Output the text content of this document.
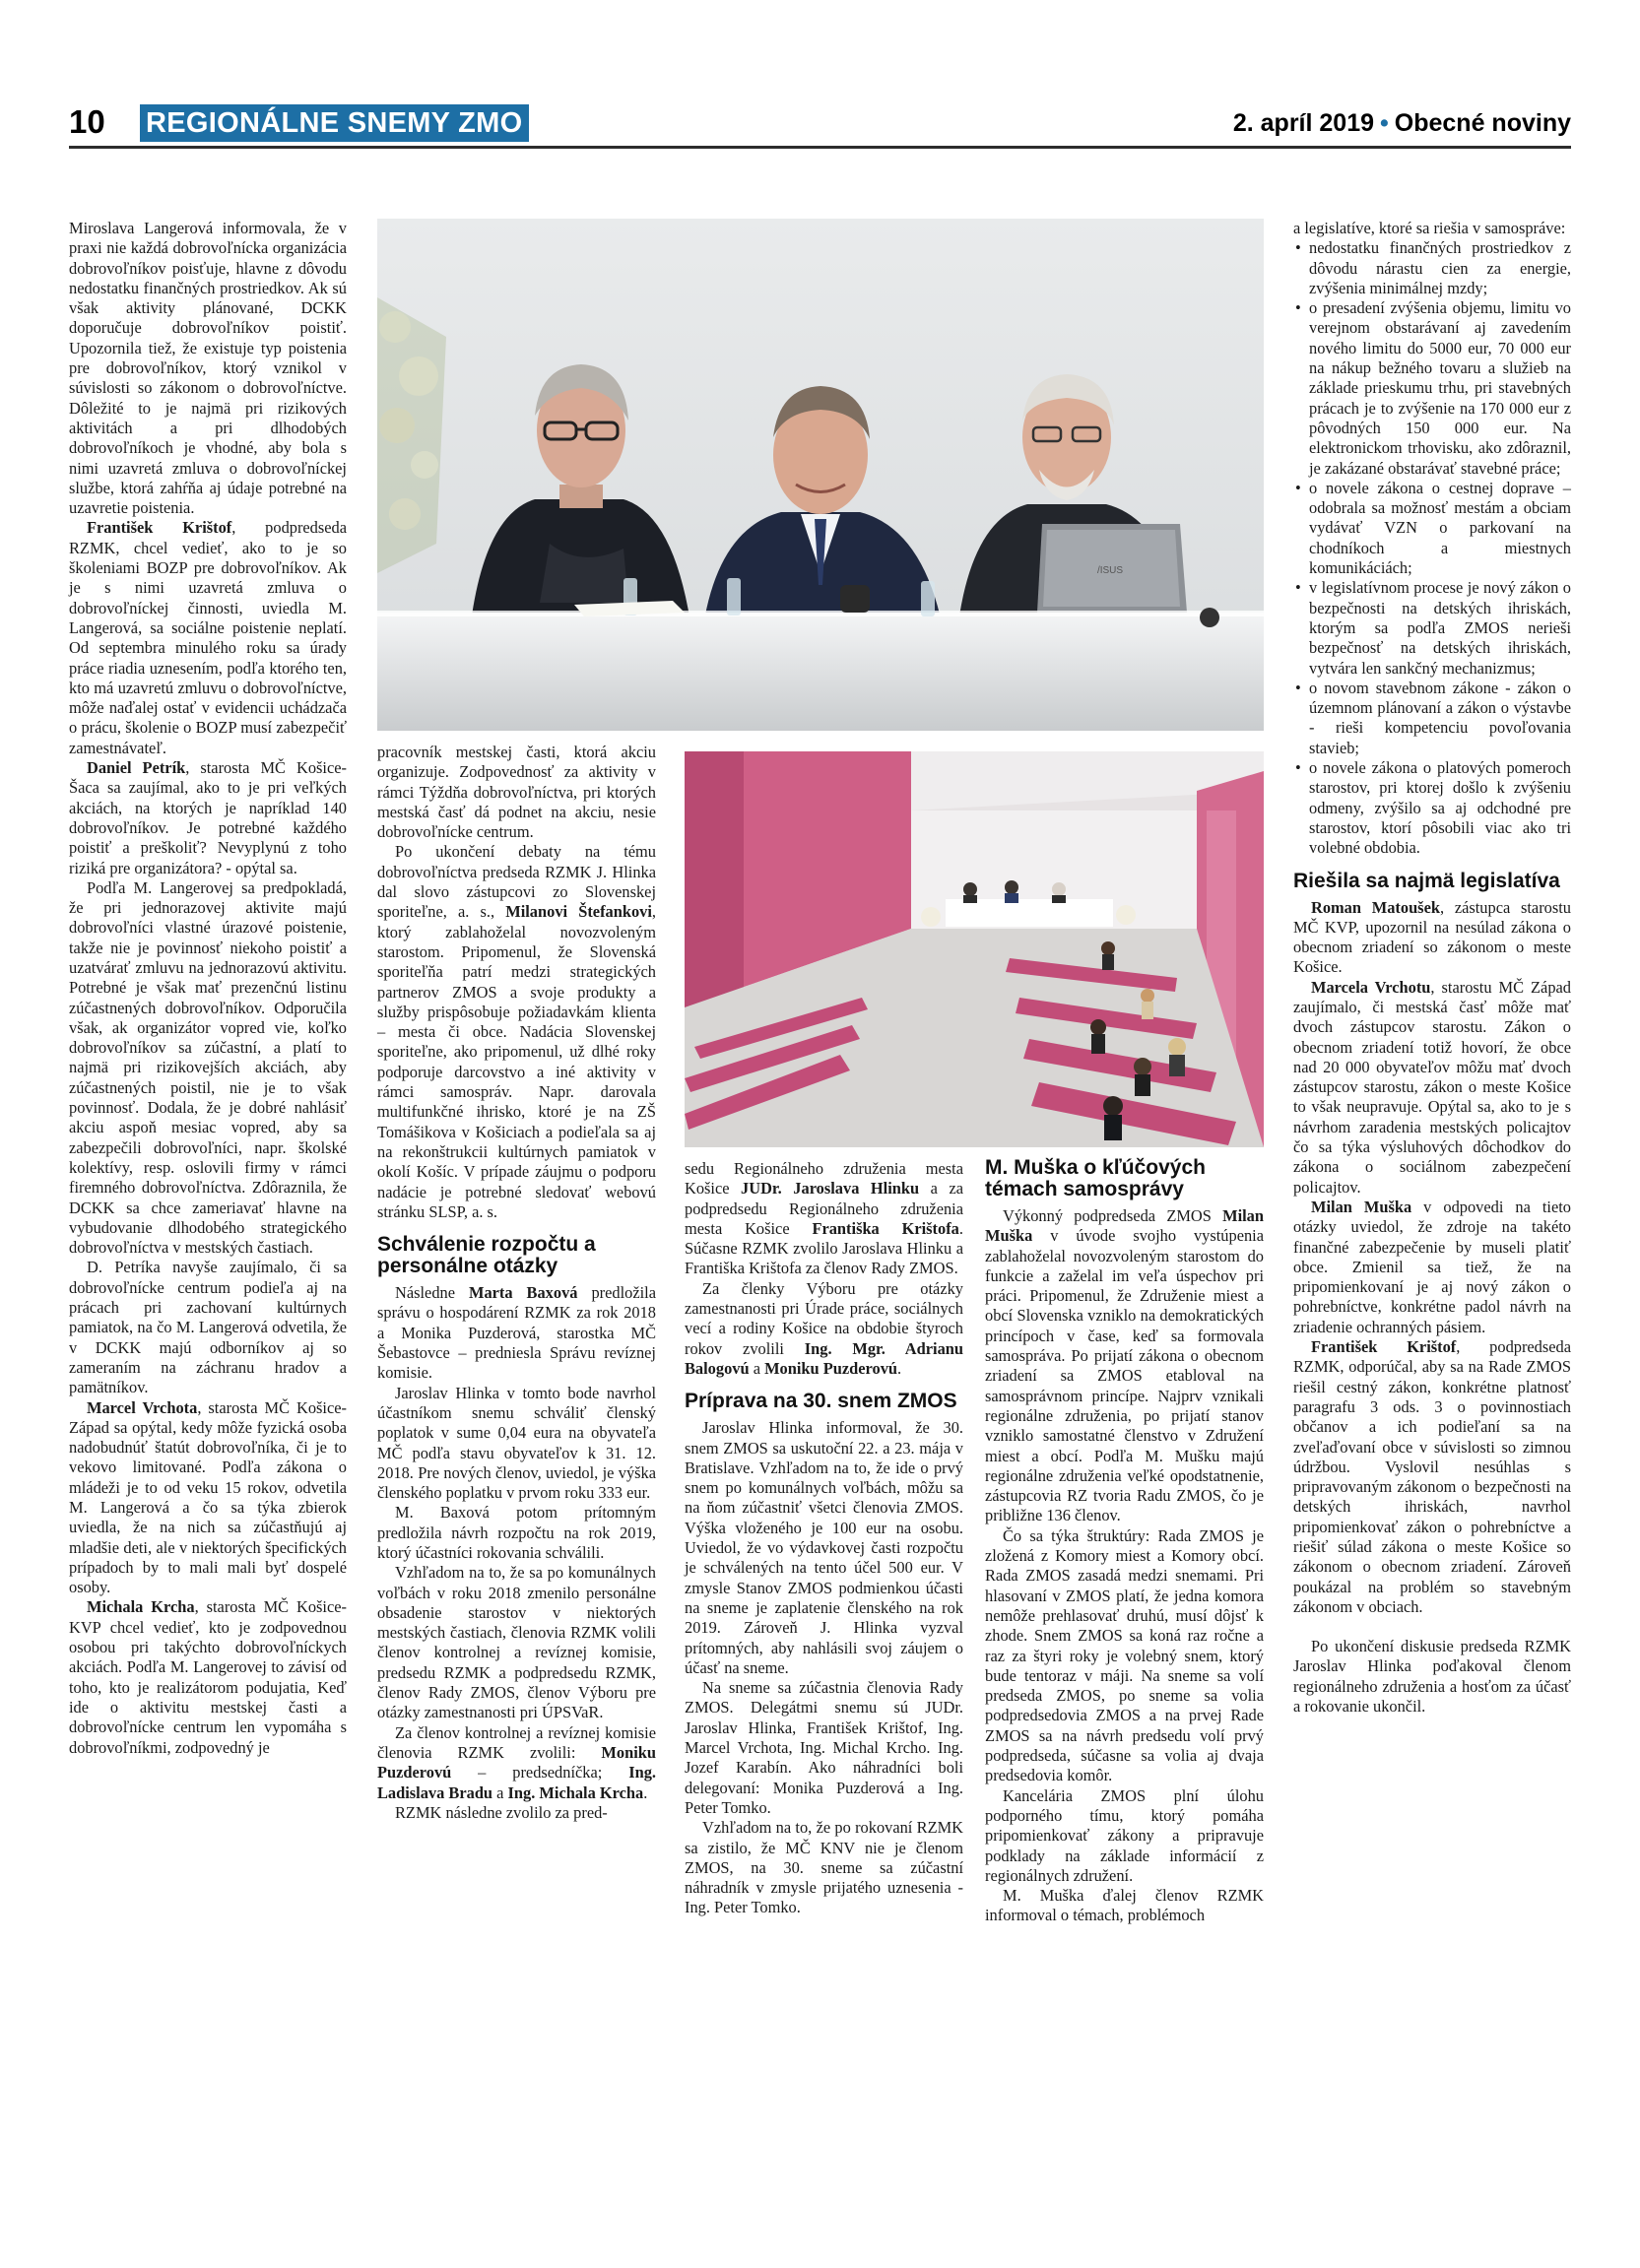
10 REGIONÁLNE SNEMY ZMO	2. apríl 2019 • Obecné noviny

Miroslava Langerová informovala, že v praxi nie každá dobrovoľnícka organizácia dobrovoľníkov poisťuje, hlavne z dôvodu nedostatku finančných prostriedkov. Ak sú však aktivity plánované, DCKK doporučuje dobrovoľníkov poistiť. Upozornila tiež, že existuje typ poistenia pre dobrovoľníkov, ktorý vznikol v súvislosti so zákonom o dobrovoľníctve. Dôležité to je najmä pri rizikových aktivitách a pri dlhodobých dobrovoľníkoch je vhodné, aby bola s nimi uzavretá zmluva o dobrovoľníckej službe, ktorá zahŕňa aj údaje potrebné na uzavretie poistenia.

František Krištof, podpredseda RZMK, chcel vedieť, ako to je so školeniami BOZP pre dobrovoľníkov. Ak je s nimi uzavretá zmluva o dobrovoľníckej činnosti, uviedla M. Langerová, sa sociálne poistenie neplatí. Od septembra minulého roku sa úrady práce riadia uznesením, podľa ktorého ten, kto má uzavretú zmluvu o dobrovoľníctve, môže naďalej ostať v evidencii uchádzača o prácu, školenie o BOZP musí zabezpečiť zamestnávateľ.

Daniel Petrík, starosta MČ Košice-Šaca sa zaujímal, ako to je pri veľkých akciách, na ktorých je napríklad 140 dobrovoľníkov. Je potrebné každého poistiť a preškoliť? Nevyplynú z toho riziká pre organizátora? - opýtal sa.

Podľa M. Langerovej sa predpokladá, že pri jednorazovej aktivite majú dobrovoľníci vlastné úrazové poistenie, takže nie je povinnosť niekoho poistiť a uzatvárať zmluvu na jednorazovú aktivitu. Potrebné je však mať prezenčnú listinu zúčastnených dobrovoľníkov. Odporučila však, ak organizátor vopred vie, koľko dobrovoľníkov sa zúčastní, a platí to najmä pri rizikovejších akciách, aby zúčastnených poistil, nie je to však povinnosť. Dodala, že je dobré nahlásiť akciu aspoň mesiac vopred, aby sa zabezpečili dobrovoľníci, napr. školské kolektívy, resp. oslovili firmy v rámci firemného dobrovoľníctva. Zdôraznila, že DCKK sa chce zameriavať hlavne na vybudovanie dlhodobého strategického dobrovoľníctva v mestských častiach.

D. Petríka navyše zaujímalo, či sa dobrovoľnícke centrum podieľa aj na prácach pri zachovaní kultúrnych pamiatok, na čo M. Langerová odvetila, že v DCKK majú odborníkov aj so zameraním na záchranu hradov a pamätníkov.

Marcel Vrchota, starosta MČ Košice-Západ sa opýtal, kedy môže fyzická osoba nadobudnúť štatút dobrovoľníka, či je to vekovo limitované. Podľa zákona o mládeži je to od veku 15 rokov, odvetila M. Langerová a čo sa týka zbierok uviedla, že na nich sa zúčastňujú aj mladšie deti, ale v niektorých špecifických prípadoch by to mali mali byť dospelé osoby.

Michala Krcha, starosta MČ Košice-KVP chcel vedieť, kto je zodpovednou osobou pri takýchto dobrovoľníckych akciách. Podľa M. Langerovej to závisí od toho, kto je realizátorom podujatia, Keď ide o aktivitu mestskej časti a dobrovoľnícke centrum len vypomáha s dobrovoľníkmi, zodpovedný je

/ISUS

pracovník mestskej časti, ktorá akciu organizuje. Zodpovednosť za aktivity v rámci Týždňa dobrovoľníctva, pri ktorých mestská časť dá podnet na akciu, nesie dobrovoľnícke centrum.

Po ukončení debaty na tému dobrovoľníctva predseda RZMK J. Hlinka dal slovo zástupcovi zo Slovenskej sporiteľne, a. s., Milanovi Štefankovi, ktorý zablahoželal novozvoleným starostom. Pripomenul, že Slovenská sporiteľňa patrí medzi strategických partnerov ZMOS a svoje produkty a služby prispôsobuje požiadavkám klienta – mesta či obce. Nadácia Slovenskej sporiteľne, ako pripomenul, už dlhé roky podporuje darcovstvo a iné aktivity v rámci samospráv. Napr. darovala multifunkčné ihrisko, ktoré je na ZŠ Tomášikova v Košiciach a podieľala sa aj na rekonštrukcii kultúrnych pamiatok v okolí Košíc. V prípade záujmu o podporu nadácie je potrebné sledovať webovú stránku SLSP, a. s.

Schválenie rozpočtu a personálne otázky

Následne Marta Baxová predložila správu o hospodárení RZMK za rok 2018 a Monika Puzderová, starostka MČ Šebastovce – predniesla Správu revíznej komisie.

Jaroslav Hlinka v tomto bode navrhol účastníkom snemu schváliť členský poplatok v sume 0,04 eura na obyvateľa MČ podľa stavu obyvateľov k 31. 12. 2018. Pre nových členov, uviedol, je výška členského poplatku v prvom roku 333 eur.

M. Baxová potom prítomným predložila návrh rozpočtu na rok 2019, ktorý účastníci rokovania schválili.

Vzhľadom na to, že sa po komunálnych voľbách v roku 2018 zmenilo personálne obsadenie starostov v niektorých mestských častiach, členovia RZMK volili členov kontrolnej a revíznej komisie, predsedu RZMK a podpredsedu RZMK, členov Rady ZMOS, členov Výboru pre otázky zamestnanosti pri ÚPSVaR.

Za členov kontrolnej a revíznej komisie členovia RZMK zvolili: Moniku Puzderovú – predsedníčka; Ing. Ladislava Bradu a Ing. Michala Krcha.

RZMK následne zvolilo za pred-

sedu Regionálneho združenia mesta Košice JUDr. Jaroslava Hlinku a za podpredsedu Regionálneho združenia mesta Košice Františka Krištofa. Súčasne RZMK zvolilo Jaroslava Hlinku a Františka Krištofa za členov Rady ZMOS.

Za členky Výboru pre otázky zamestnanosti pri Úrade práce, sociálnych vecí a rodiny Košice na obdobie štyroch rokov zvolili Ing. Mgr. Adrianu Balogovú a Moniku Puzderovú.

Príprava na 30. snem ZMOS

Jaroslav Hlinka informoval, že 30. snem ZMOS sa uskutoční 22. a 23. mája v Bratislave. Vzhľadom na to, že ide o prvý snem po komunálnych voľbách, môžu sa na ňom zúčastniť všetci členovia ZMOS. Výška vloženého je 100 eur na osobu. Uviedol, že vo výdavkovej časti rozpočtu je schválených na tento účel 500 eur. V zmysle Stanov ZMOS podmienkou účasti na sneme je zaplatenie členského na rok 2019. Zároveň J. Hlinka vyzval prítomných, aby nahlásili svoj záujem o účasť na sneme.

Na sneme sa zúčastnia členovia Rady ZMOS. Delegátmi snemu sú JUDr. Jaroslav Hlinka, František Krištof, Ing. Marcel Vrchota, Ing. Michal Krcho. Ing. Jozef Karabín. Ako náhradníci boli delegovaní: Monika Puzderová a Ing. Peter Tomko.

Vzhľadom na to, že po rokovaní RZMK sa zistilo, že MČ KNV nie je členom ZMOS, na 30. sneme sa zúčastní náhradník v zmysle prijatého uznesenia - Ing. Peter Tomko.

M. Muška o kľúčových témach samosprávy

Výkonný podpredseda ZMOS Milan Muška v úvode svojho vystúpenia zablahoželal novozvoleným starostom do funkcie a zaželal im veľa úspechov pri práci. Pripomenul, že Združenie miest a obcí Slovenska vzniklo na demokratických princípoch v čase, keď sa formovala samospráva. Po prijatí zákona o obecnom zriadení sa ZMOS etabloval na samosprávnom princípe. Najprv vznikali regionálne združenia, po prijatí stanov vzniklo samostatné členstvo v Združení miest a obcí. Podľa M. Mušku majú regionálne združenia veľké opodstatnenie, zástupcovia RZ tvoria Radu ZMOS, čo je približne 136 členov.

Čo sa týka štruktúry: Rada ZMOS je zložená z Komory miest a Komory obcí. Rada ZMOS zasadá medzi snemami. Pri hlasovaní v ZMOS platí, že jedna komora nemôže prehlasovať druhú, musí dôjsť k zhode. Snem ZMOS sa koná raz ročne a raz za štyri roky je volebný snem, ktorý bude tentoraz v máji. Na sneme sa volí predseda ZMOS, po sneme sa volia podpredsedovia ZMOS a na prvej Rade ZMOS sa na návrh predsedu volí prvý podpredseda, súčasne sa volia aj dvaja predsedovia komôr.

Kancelária ZMOS plní úlohu podporného tímu, ktorý pomáha pripomienkovať zákony a pripravuje podklady na základe informácií z regionálnych združení.

M. Muška ďalej členov RZMK informoval o témach, problémoch

a legislatíve, ktoré sa riešia v samospráve:

• nedostatku finančných prostriedkov z dôvodu nárastu cien za energie, zvýšenia minimálnej mzdy;
• o presadení zvýšenia objemu, limitu vo verejnom obstarávaní aj zavedením nového limitu do 5000 eur, 70 000 eur na nákup bežného tovaru a služieb na základe prieskumu trhu, pri stavebných prácach je to zvýšenie na 170 000 eur z pôvodných 150 000 eur. Na elektronickom trhovisku, ako zdôraznil, je zakázané obstarávať stavebné práce;
• o novele zákona o cestnej doprave – odobrala sa možnosť mestám a obciam vydávať VZN o parkovaní na chodníkoch a miestnych komunikáciách;
• v legislatívnom procese je nový zákon o bezpečnosti na detských ihriskách, ktorým sa podľa ZMOS nerieši bezpečnosť na detských ihriskách, vytvára len sankčný mechanizmus;
• o novom stavebnom zákone - zákon o územnom plánovaní a zákon o výstavbe - rieši kompetenciu povoľovania stavieb;
• o novele zákona o platových pomeroch starostov, pri ktorej došlo k zvýšeniu odmeny, zvýšilo sa aj odchodné pre starostov, ktorí pôsobili viac ako tri volebné obdobia.
Riešila sa najmä legislatíva

Roman Matoušek, zástupca starostu MČ KVP, upozornil na nesúlad zákona o obecnom zriadení so zákonom o meste Košice.

Marcela Vrchotu, starostu MČ Západ zaujímalo, či mestská časť môže mať dvoch zástupcov starostu. Zákon o obecnom zriadení totiž hovorí, že obce nad 20 000 obyvateľov môžu mať dvoch zástupcov starostu, zákon o meste Košice to však neupravuje. Opýtal sa, ako to je s návrhom zaradenia mestských policajtov čo sa týka výsluhových dôchodkov do zákona o sociálnom zabezpečení policajtov.

Milan Muška v odpovedi na tieto otázky uviedol, že zdroje na takéto finančné zabezpečenie by museli platiť obce. Zmienil sa tiež, že na pripomienkovaní je aj nový zákon o pohrebníctve, konkrétne padol návrh na zriadenie ochranných pásiem.

František Krištof, podpredseda RZMK, odporúčal, aby sa na Rade ZMOS riešil cestný zákon, konkrétne platnosť paragrafu 3 ods. 3 o povinnostiach občanov a ich podieľaní sa na zveľaďovaní obce v súvislosti so zimnou údržbou. Vyslovil nesúhlas s pripravovaným zákonom o bezpečnosti na detských ihriskách, navrhol pripomienkovať zákon o pohrebníctve a riešiť súlad zákona o meste Košice so zákonom o obecnom zriadení. Zároveň poukázal na problém so stavebným zákonom v obciach.

Po ukončení diskusie predseda RZMK Jaroslav Hlinka poďakoval členom regionálneho združenia a hosťom za účasť a rokovanie ukončil.
